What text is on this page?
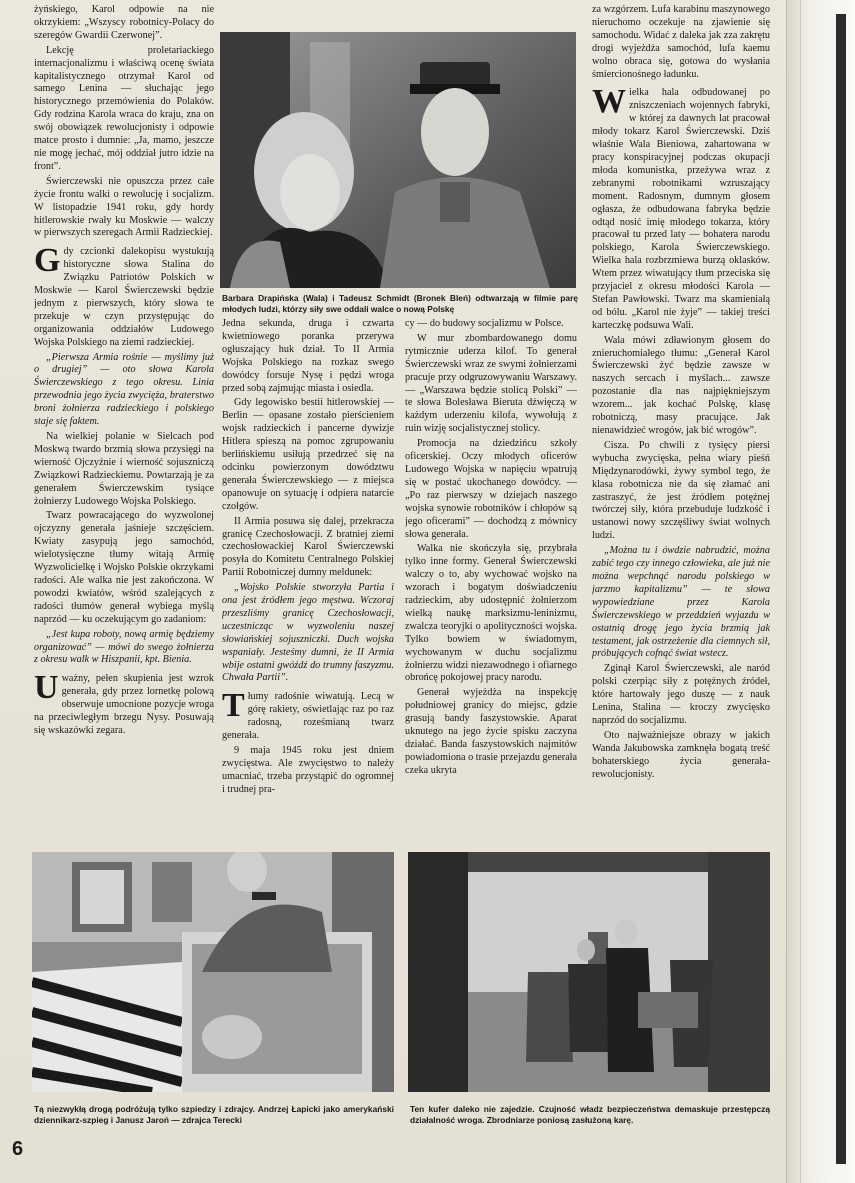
żyńskiego, Karol odpowie na nie okrzykiem: „Wszyscy robotnicy-Polacy do szeregów Gwardii Czerwonej”.

Lekcję proletariackiego internacjonalizmu i właściwą ocenę świata kapitalistycznego otrzymał Karol od samego Lenina — słuchając jego historycznego przemówienia do Polaków. Gdy rodzina Karola wraca do kraju, zna on swój obowiązek rewolucjonisty i odpowie matce prosto i dumnie: „Ja, mamo, jeszcze nie mogę jechać, mój oddział jutro idzie na front”.

Świerczewski nie opuszcza przez całe życie frontu walki o rewolucję i socjalizm. W listopadzie 1941 roku, gdy hordy hitlerowskie rwały ku Moskwie — walczy w pierwszych szeregach Armii Radzieckiej.

Gdy czcionki dalekopisu wystukują historyczne słowa Stalina do Związku Patriotów Polskich w Moskwie — Karol Świerczewski będzie jednym z pierwszych, który słowa te przekuje w czyn przystępując do organizowania oddziałów Ludowego Wojska Polskiego na ziemi radzieckiej.

„Pierwsza Armia rośnie — myślimy już o drugiej” — oto słowa Karola Świerczewskiego z tego okresu. Linia przewodnia jego życia zwycięża, braterstwo broni żołnierza radzieckiego i polskiego staje się faktem.

Na wielkiej polanie w Sielcach pod Moskwą twardo brzmią słowa przysięgi na wierność Ojczyźnie i wierność sojuszniczą Związkowi Radzieckiemu. Powtarzają je za generałem Świerczewskim tysiące żołnierzy Ludowego Wojska Polskiego.

Twarz powracającego do wyzwolonej ojczyzny generała jaśnieje szczęściem. Kwiaty zasypują jego samochód, wielotysięczne tłumy witają Armię Wyzwolicielkę i Wojsko Polskie okrzykami radości. Ale walka nie jest zakończona. W powodzi kwiatów, wśród szalejących z radości tłumów generał wybiega myślą naprzód — ku oczekującym go zadaniom:

„Jest kupa roboty, nową armię będziemy organizować” — mówi do swego żołnierza z okresu walk w Hiszpanii, kpt. Bienia.

Uważny, pełen skupienia jest wzrok generała, gdy przez lornetkę polową obserwuje umocnione pozycje wroga na przeciwległym brzegu Nysy. Posuwają się wskazówki zegara.

Barbara Drapińska (Wala) i Tadeusz Schmidt (Bronek Bleń) odtwarzają w filmie parę młodych ludzi, którzy siły swe oddali walce o nową Polskę

Jedna sekunda, druga i czwarta kwietniowego poranka przerywa ogłuszający huk dział. To II Armia Wojska Polskiego na rozkaz swego dowódcy forsuje Nysę i pędzi wroga przed sobą zajmując miasta i osiedla.

Gdy legowisko bestii hitlerowskiej — Berlin — opasane zostało pierścieniem wojsk radzieckich i pancerne dywizje Hitlera spieszą na pomoc zgrupowaniu berlińskiemu usiłują przedrzeć się na odcinku powierzonym dowództwu generała Świerczewskiego — z miejsca opanowuje on sytuację i odpiera natarcie czołgów.

II Armia posuwa się dalej, przekracza granicę Czechosłowacji. Z bratniej ziemi czechosłowackiej Karol Świerczewski posyła do Komitetu Centralnego Polskiej Partii Robotniczej dumny meldunek:

„Wojsko Polskie stworzyła Partia i ona jest źródłem jego męstwa. Wczoraj przeszliśmy granicę Czechosłowacji, uczestnicząc w wyzwoleniu naszej słowiańskiej sojuszniczki. Duch wojska wspaniały. Jesteśmy dumni, że II Armia wbije ostatni gwóźdź do trumny faszyzmu. Chwała Partii”.

Tłumy radośnie wiwatują. Lecą w górę rakiety, oświetlając raz po raz radosną, roześmianą twarz generała.

9 maja 1945 roku jest dniem zwycięstwa. Ale zwycięstwo to należy umacniać, trzeba przystąpić do ogromnej i trudnej pra-

cy — do budowy socjalizmu w Polsce.

W mur zbombardowanego domu rytmicznie uderza kilof. To generał Świerczewski wraz ze swymi żołnierzami pracuje przy odgruzowywaniu Warszawy. — „Warszawa będzie stolicą Polski” — te słowa Bolesława Bieruta dźwięczą w każdym uderzeniu kilofa, wywołują z ruin wizję socjalistycznej stolicy.

Promocja na dziedzińcu szkoły oficerskiej. Oczy młodych oficerów Ludowego Wojska w napięciu wpatrują się w postać ukochanego dowódcy. — „Po raz pierwszy w dziejach naszego wojska synowie robotników i chłopów są jego oficerami” — dochodzą z mównicy słowa generała.

Walka nie skończyła się, przybrała tylko inne formy. Generał Świerczewski walczy o to, aby wychować wojsko na wzorach i bogatym doświadczeniu radzieckim, aby udostępnić żołnierzom wielką naukę marksizmu-leninizmu, zwalcza teoryjki o apolityczności wojska. Tylko bowiem w świadomym, wychowanym w duchu socjalizmu żołnierzu widzi niezawodnego i ofiarnego obrońcę pokojowej pracy narodu.

Generał wyjeżdża na inspekcję południowej granicy do miejsc, gdzie grasują bandy faszystowskie. Aparat uknutego na jego życie spisku zaczyna działać. Banda faszystowskich najmitów powiadomiona o trasie przejazdu generała czeka ukryta

za wzgórzem. Lufa karabinu maszynowego nieruchomo oczekuje na zjawienie się samochodu. Widać z daleka jak zza zakrętu drogi wyjeżdża samochód, lufa kaemu wolno obraca się, gotowa do wysłania śmiercionośnego ładunku.

Wielka hala odbudowanej po zniszczeniach wojennych fabryki, w której za dawnych lat pracował młody tokarz Karol Świerczewski. Dziś właśnie Wala Bieniowa, zahartowana w pracy konspiracyjnej podczas okupacji młoda komunistka, przeżywa wraz z zebranymi robotnikami wzruszający moment. Radosnym, dumnym głosem ogłasza, że odbudowana fabryka będzie odtąd nosić imię młodego tokarza, który pracował tu przed laty — bohatera narodu polskiego, Karola Świerczewskiego. Wielka hala rozbrzmiewa burzą oklasków. Wtem przez wiwatujący tłum przeciska się przyjaciel z okresu młodości Karola — Stefan Pawłowski. Twarz ma skamieniałą od bólu. „Karol nie żyje” — takiej treści karteczkę podsuwa Wali.

Wala mówi zdławionym głosem do znieruchomiałego tłumu: „Generał Karol Świerczewski żyć będzie zawsze w naszych sercach i myślach... zawsze pozostanie dla nas najpiękniejszym wzorem... jak kochać Polskę, klasę robotniczą, masy pracujące. Jak nienawidzieć wrogów, jak bić wrogów”.

Cisza. Po chwili z tysięcy piersi wybucha zwycięska, pełna wiary pieśń Międzynarodówki, żywy symbol tego, że klasa robotnicza nie da się złamać ani zastraszyć, że jest źródłem potężnej twórczej siły, która przebuduje ludzkość i ustanowi nowy szczęśliwy świat wolnych ludzi.

„Można tu i ówdzie nabrudzić, można zabić tego czy innego człowieka, ale już nie można wepchnąć narodu polskiego w jarzmo kapitalizmu” — te słowa wypowiedziane przez Karola Świerczewskiego w przeddzień wyjazdu w ostatnią drogę jego życia brzmią jak testament, jak ostrzeżenie dla ciemnych sił, próbujących cofnąć świat wstecz.

Zginął Karol Świerczewski, ale naród polski czerpiąc siły z potężnych źródeł, które hartowały jego duszę — z nauk Lenina, Stalina — kroczy zwycięsko naprzód do socjalizmu.

Oto najważniejsze obrazy w jakich Wanda Jakubowska zamknęła bogatą treść bohaterskiego życia generała-rewolucjonisty.

Tą niezwykłą drogą podróżują tylko szpiedzy i zdrajcy. Andrzej Łapicki jako amerykański dziennikarz-szpieg i Janusz Jaroń — zdrajca Terecki
Ten kufer daleko nie zajedzie. Czujność władz bezpieczeństwa demaskuje przestępczą działalność wroga. Zbrodniarze poniosą zasłużoną karę.
6
